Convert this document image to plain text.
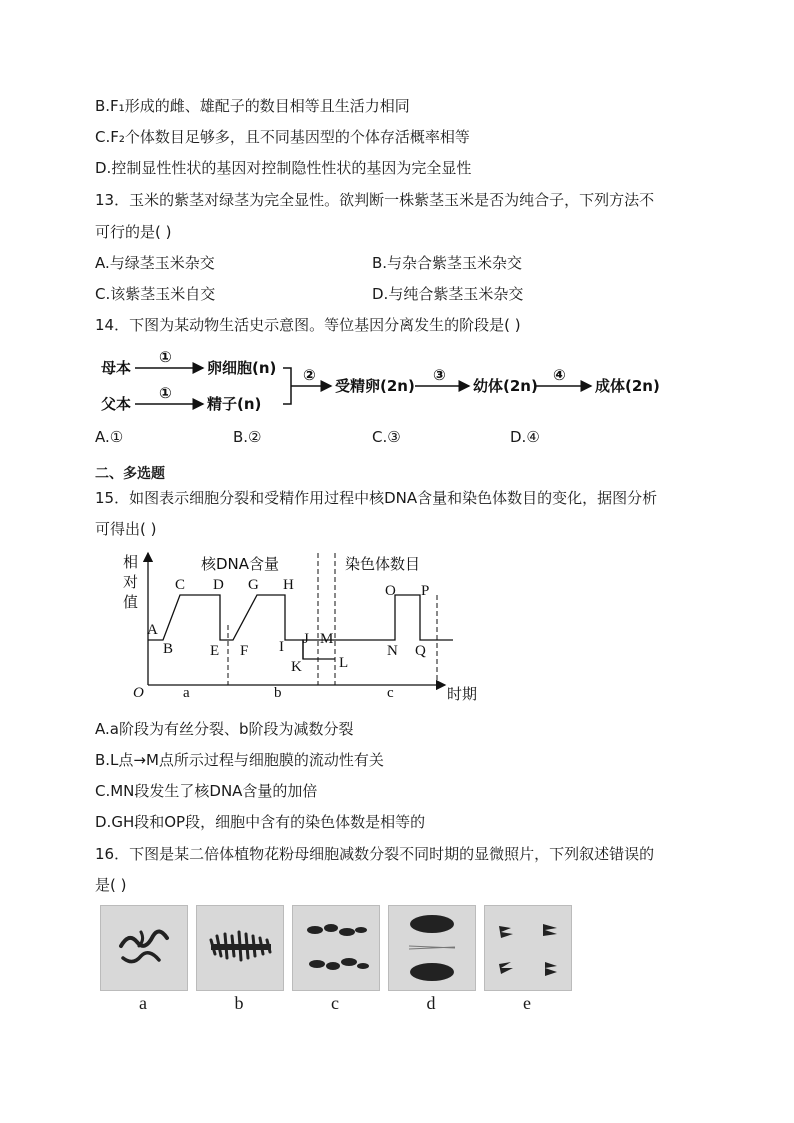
B.F₁形成的雌、雄配子的数目相等且生活力相同
C.F₂个体数目足够多，且不同基因型的个体存活概率相等
D.控制显性性状的基因对控制隐性性状的基因为完全显性
13．玉米的紫茎对绿茎为完全显性。欲判断一株紫茎玉米是否为纯合子，下列方法不
可行的是( )
A.与绿茎玉米杂交	B.与杂合紫茎玉米杂交
C.该紫茎玉米自交	D.与纯合紫茎玉米杂交
14．下图为某动物生活史示意图。等位基因分离发生的阶段是( )
母本
①
卵细胞(n)
父本
①
精子(n)
②
受精卵(2n)
③
幼体(2n)
④
成体(2n)
A.①	B.②	C.③	D.④
二、多选题
15．如图表示细胞分裂和受精作用过程中核DNA含量和染色体数目的变化，据图分析
可得出( )
相
对
值
O	时期
核DNA含量	染色体数目
A
B
C D
E F
G H
I J
K L
M
N
O P
Q
a	b	c
A.a阶段为有丝分裂、b阶段为减数分裂
B.L点→M点所示过程与细胞膜的流动性有关
C.MN段发生了核DNA含量的加倍
D.GH段和OP段，细胞中含有的染色体数是相等的
16．下图是某二倍体植物花粉母细胞减数分裂不同时期的显微照片，下列叙述错误的
是( )
a	b	c	d	e
